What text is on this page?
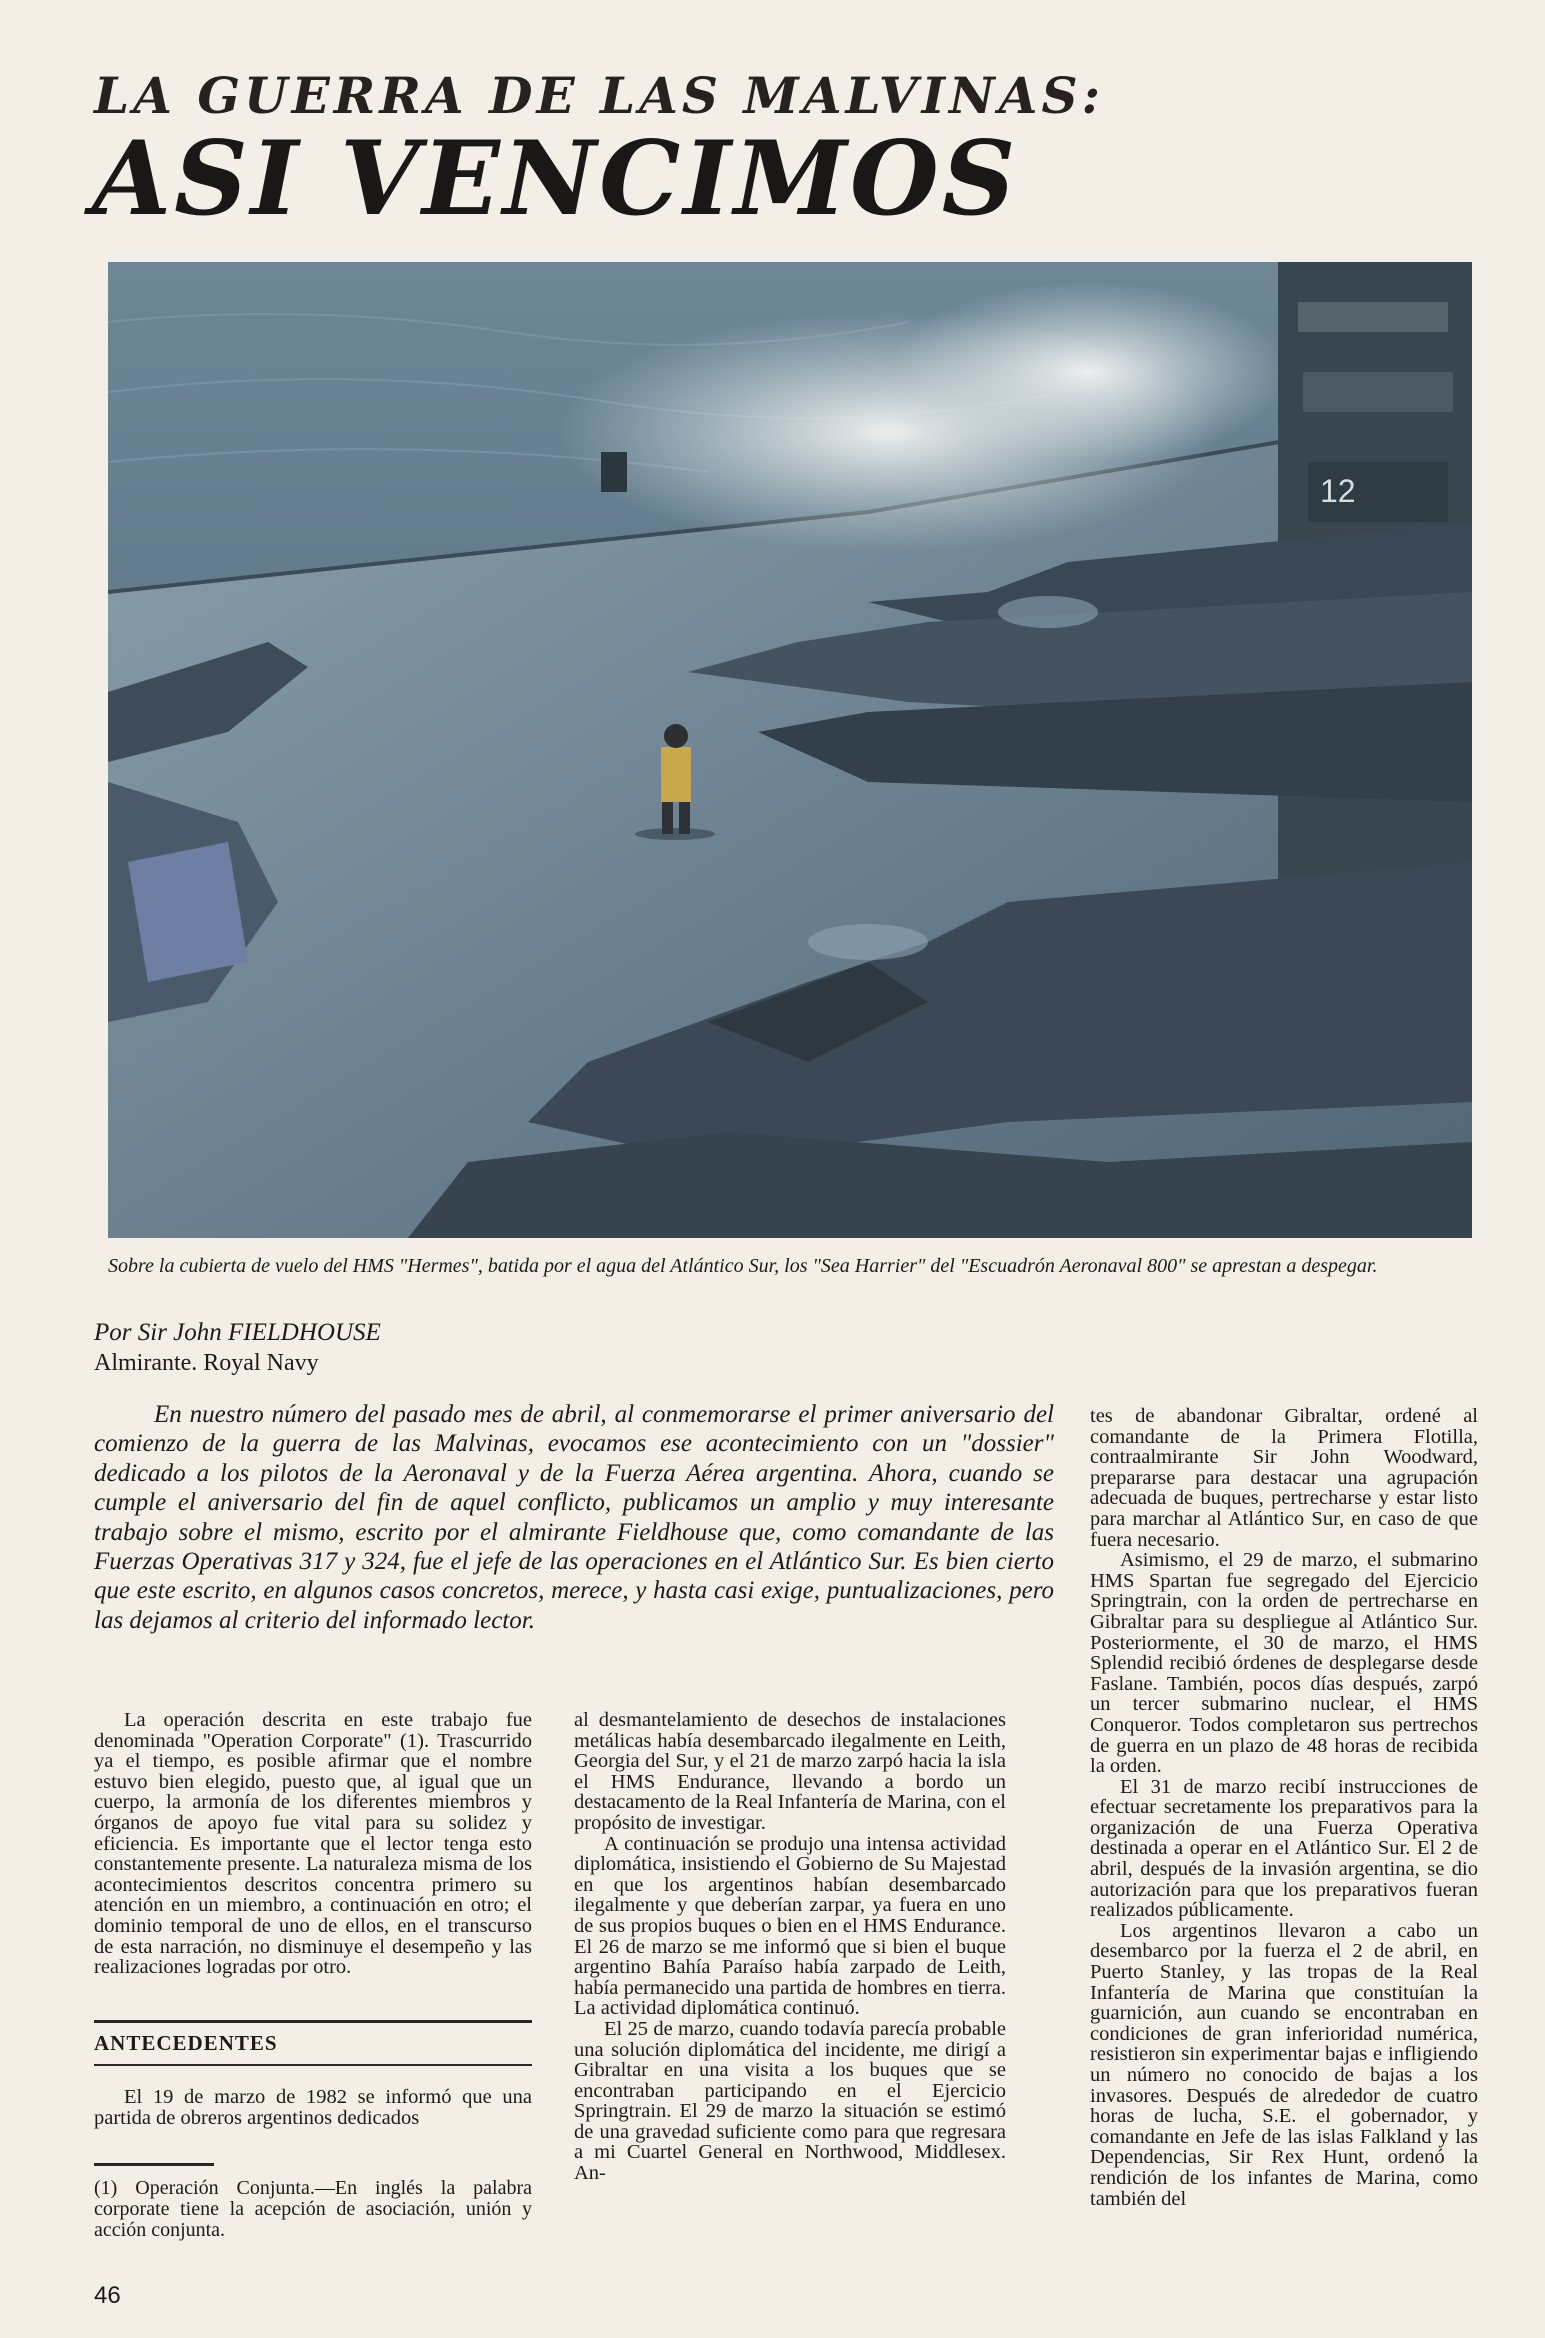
LA GUERRA DE LAS MALVINAS:
ASI VENCIMOS
12
Sobre la cubierta de vuelo del HMS "Hermes", batida por el agua del Atlántico Sur, los "Sea Harrier" del "Escuadrón Aeronaval 800" se aprestan a despegar.
Por Sir John FIELDHOUSE
Almirante. Royal Navy
En nuestro número del pasado mes de abril, al conmemorarse el primer aniversario del comienzo de la guerra de las Malvinas, evocamos ese acontecimiento con un "dossier" dedicado a los pilotos de la Aeronaval y de la Fuerza Aérea argentina. Ahora, cuando se cumple el aniversario del fin de aquel conflicto, publicamos un amplio y muy interesante trabajo sobre el mismo, escrito por el almirante Fieldhouse que, como comandante de las Fuerzas Operativas 317 y 324, fue el jefe de las operaciones en el Atlántico Sur. Es bien cierto que este escrito, en algunos casos concretos, merece, y hasta casi exige, puntualizaciones, pero las dejamos al criterio del informado lector.

La operación descrita en este trabajo fue denominada "Operation Corporate" (1). Trascurrido ya el tiempo, es posible afirmar que el nombre estuvo bien elegido, puesto que, al igual que un cuerpo, la armonía de los diferentes miembros y órganos de apoyo fue vital para su solidez y eficiencia. Es importante que el lector tenga esto constantemente presente. La naturaleza misma de los acontecimientos descritos concentra primero su atención en un miembro, a continuación en otro; el dominio temporal de uno de ellos, en el transcurso de esta narración, no disminuye el desempeño y las realizaciones logradas por otro.

ANTECEDENTES

El 19 de marzo de 1982 se informó que una partida de obreros argentinos dedicados

(1) Operación Conjunta.—En inglés la palabra corporate tiene la acepción de asociación, unión y acción conjunta.

al desmantelamiento de desechos de instalaciones metálicas había desembarcado ilegalmente en Leith, Georgia del Sur, y el 21 de marzo zarpó hacia la isla el HMS Endurance, llevando a bordo un destacamento de la Real Infantería de Marina, con el propósito de investigar.

A continuación se produjo una intensa actividad diplomática, insistiendo el Gobierno de Su Majestad en que los argentinos habían desembarcado ilegalmente y que deberían zarpar, ya fuera en uno de sus propios buques o bien en el HMS Endurance. El 26 de marzo se me informó que si bien el buque argentino Bahía Paraíso había zarpado de Leith, había permanecido una partida de hombres en tierra. La actividad diplomática continuó.

El 25 de marzo, cuando todavía parecía probable una solución diplomática del incidente, me dirigí a Gibraltar en una visita a los buques que se encontraban participando en el Ejercicio Springtrain. El 29 de marzo la situación se estimó de una gravedad suficiente como para que regresara a mi Cuartel General en Northwood, Middlesex. An-

tes de abandonar Gibraltar, ordené al comandante de la Primera Flotilla, contraalmirante Sir John Woodward, prepararse para destacar una agrupación adecuada de buques, pertrecharse y estar listo para marchar al Atlántico Sur, en caso de que fuera necesario.

Asimismo, el 29 de marzo, el submarino HMS Spartan fue segregado del Ejercicio Springtrain, con la orden de pertrecharse en Gibraltar para su despliegue al Atlántico Sur. Posteriormente, el 30 de marzo, el HMS Splendid recibió órdenes de desplegarse desde Faslane. También, pocos días después, zarpó un tercer submarino nuclear, el HMS Conqueror. Todos completaron sus pertrechos de guerra en un plazo de 48 horas de recibida la orden.

El 31 de marzo recibí instrucciones de efectuar secretamente los preparativos para la organización de una Fuerza Operativa destinada a operar en el Atlántico Sur. El 2 de abril, después de la invasión argentina, se dio autorización para que los preparativos fueran realizados públicamente.

Los argentinos llevaron a cabo un desembarco por la fuerza el 2 de abril, en Puerto Stanley, y las tropas de la Real Infantería de Marina que constituían la guarnición, aun cuando se encontraban en condiciones de gran inferioridad numérica, resistieron sin experimentar bajas e infligiendo un número no conocido de bajas a los invasores. Después de alrededor de cuatro horas de lucha, S.E. el gobernador, y comandante en Jefe de las islas Falkland y las Dependencias, Sir Rex Hunt, ordenó la rendición de los infantes de Marina, como también del

46
